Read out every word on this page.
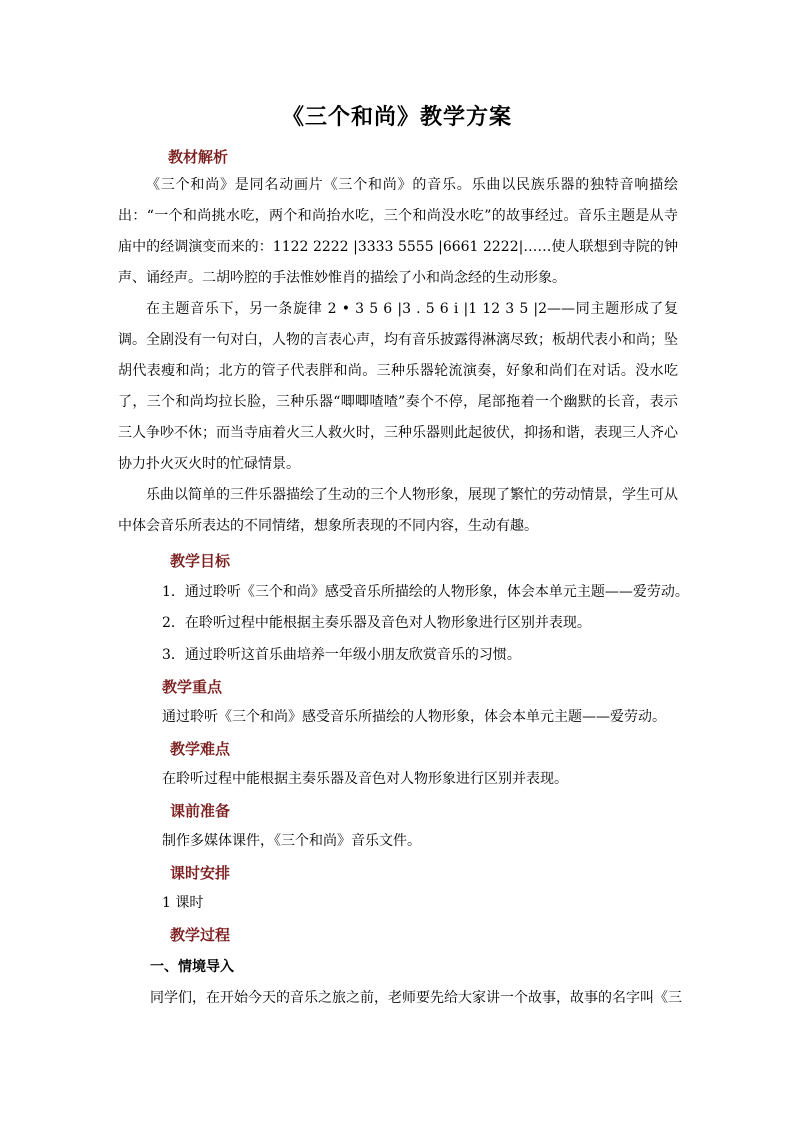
《三个和尚》教学方案
教材解析

《三个和尚》是同名动画片《三个和尚》的音乐。乐曲以民族乐器的独特音响描绘出：“一个和尚挑水吃，两个和尚抬水吃，三个和尚没水吃”的故事经过。音乐主题是从寺庙中的经调演变而来的：1122 2222 |3333 5555 |6661 2222|……使人联想到寺院的钟声、诵经声。二胡吟腔的手法惟妙惟肖的描绘了小和尚念经的生动形象。

在主题音乐下，另一条旋律 2 • 3 5 6 |3 . 5 6 i |1 12 3 5 |2——同主题形成了复调。全剧没有一句对白，人物的言表心声，均有音乐披露得淋漓尽致；板胡代表小和尚；坠胡代表瘦和尚；北方的管子代表胖和尚。三种乐器轮流演奏，好象和尚们在对话。没水吃了，三个和尚均拉长脸，三种乐器“唧唧喳喳”奏个不停，尾部拖着一个幽默的长音，表示三人争吵不休；而当寺庙着火三人救火时，三种乐器则此起彼伏，抑扬和谐，表现三人齐心协力扑火灭火时的忙碌情景。

乐曲以简单的三件乐器描绘了生动的三个人物形象，展现了繁忙的劳动情景，学生可从中体会音乐所表达的不同情绪，想象所表现的不同内容，生动有趣。

教学目标
1．通过聆听《三个和尚》感受音乐所描绘的人物形象，体会本单元主题——爱劳动。
2．在聆听过程中能根据主奏乐器及音色对人物形象进行区别并表现。
3．通过聆听这首乐曲培养一年级小朋友欣赏音乐的习惯。
教学重点
通过聆听《三个和尚》感受音乐所描绘的人物形象，体会本单元主题——爱劳动。
教学难点
在聆听过程中能根据主奏乐器及音色对人物形象进行区别并表现。
课前准备
制作多媒体课件，《三个和尚》音乐文件。
课时安排
1 课时
教学过程
一、情境导入
同学们，在开始今天的音乐之旅之前，老师要先给大家讲一个故事，故事的名字叫《三
